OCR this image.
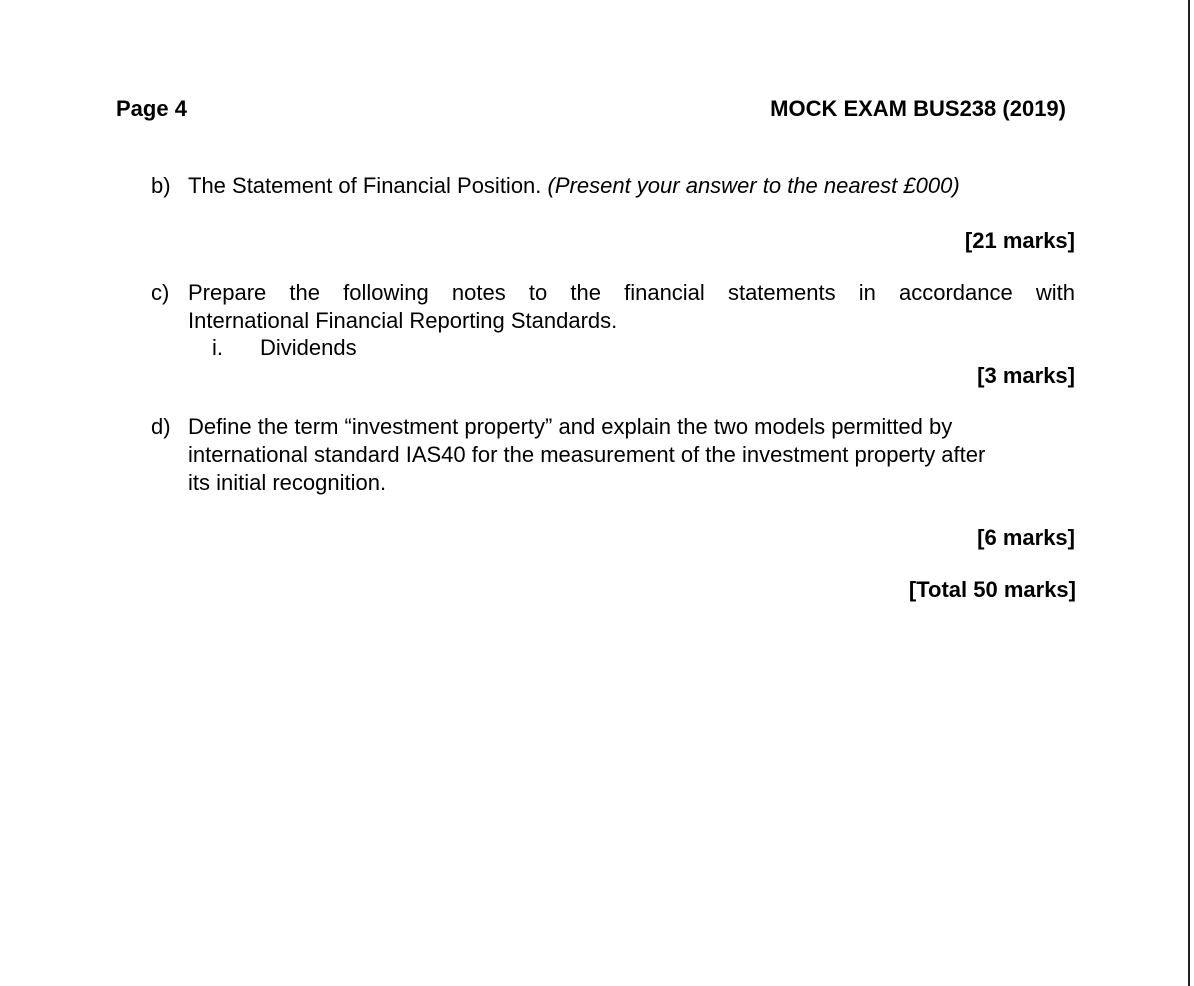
Page 4	MOCK EXAM BUS238 (2019)
b) The Statement of Financial Position. (Present your answer to the nearest £000)
[21 marks]
c) Prepare the following notes to the financial statements in accordance with
International Financial Reporting Standards.
i. Dividends
[3 marks]
d) Define the term “investment property” and explain the two models permitted by
international standard IAS40 for the measurement of the investment property after
its initial recognition.
[6 marks]
[Total 50 marks]
